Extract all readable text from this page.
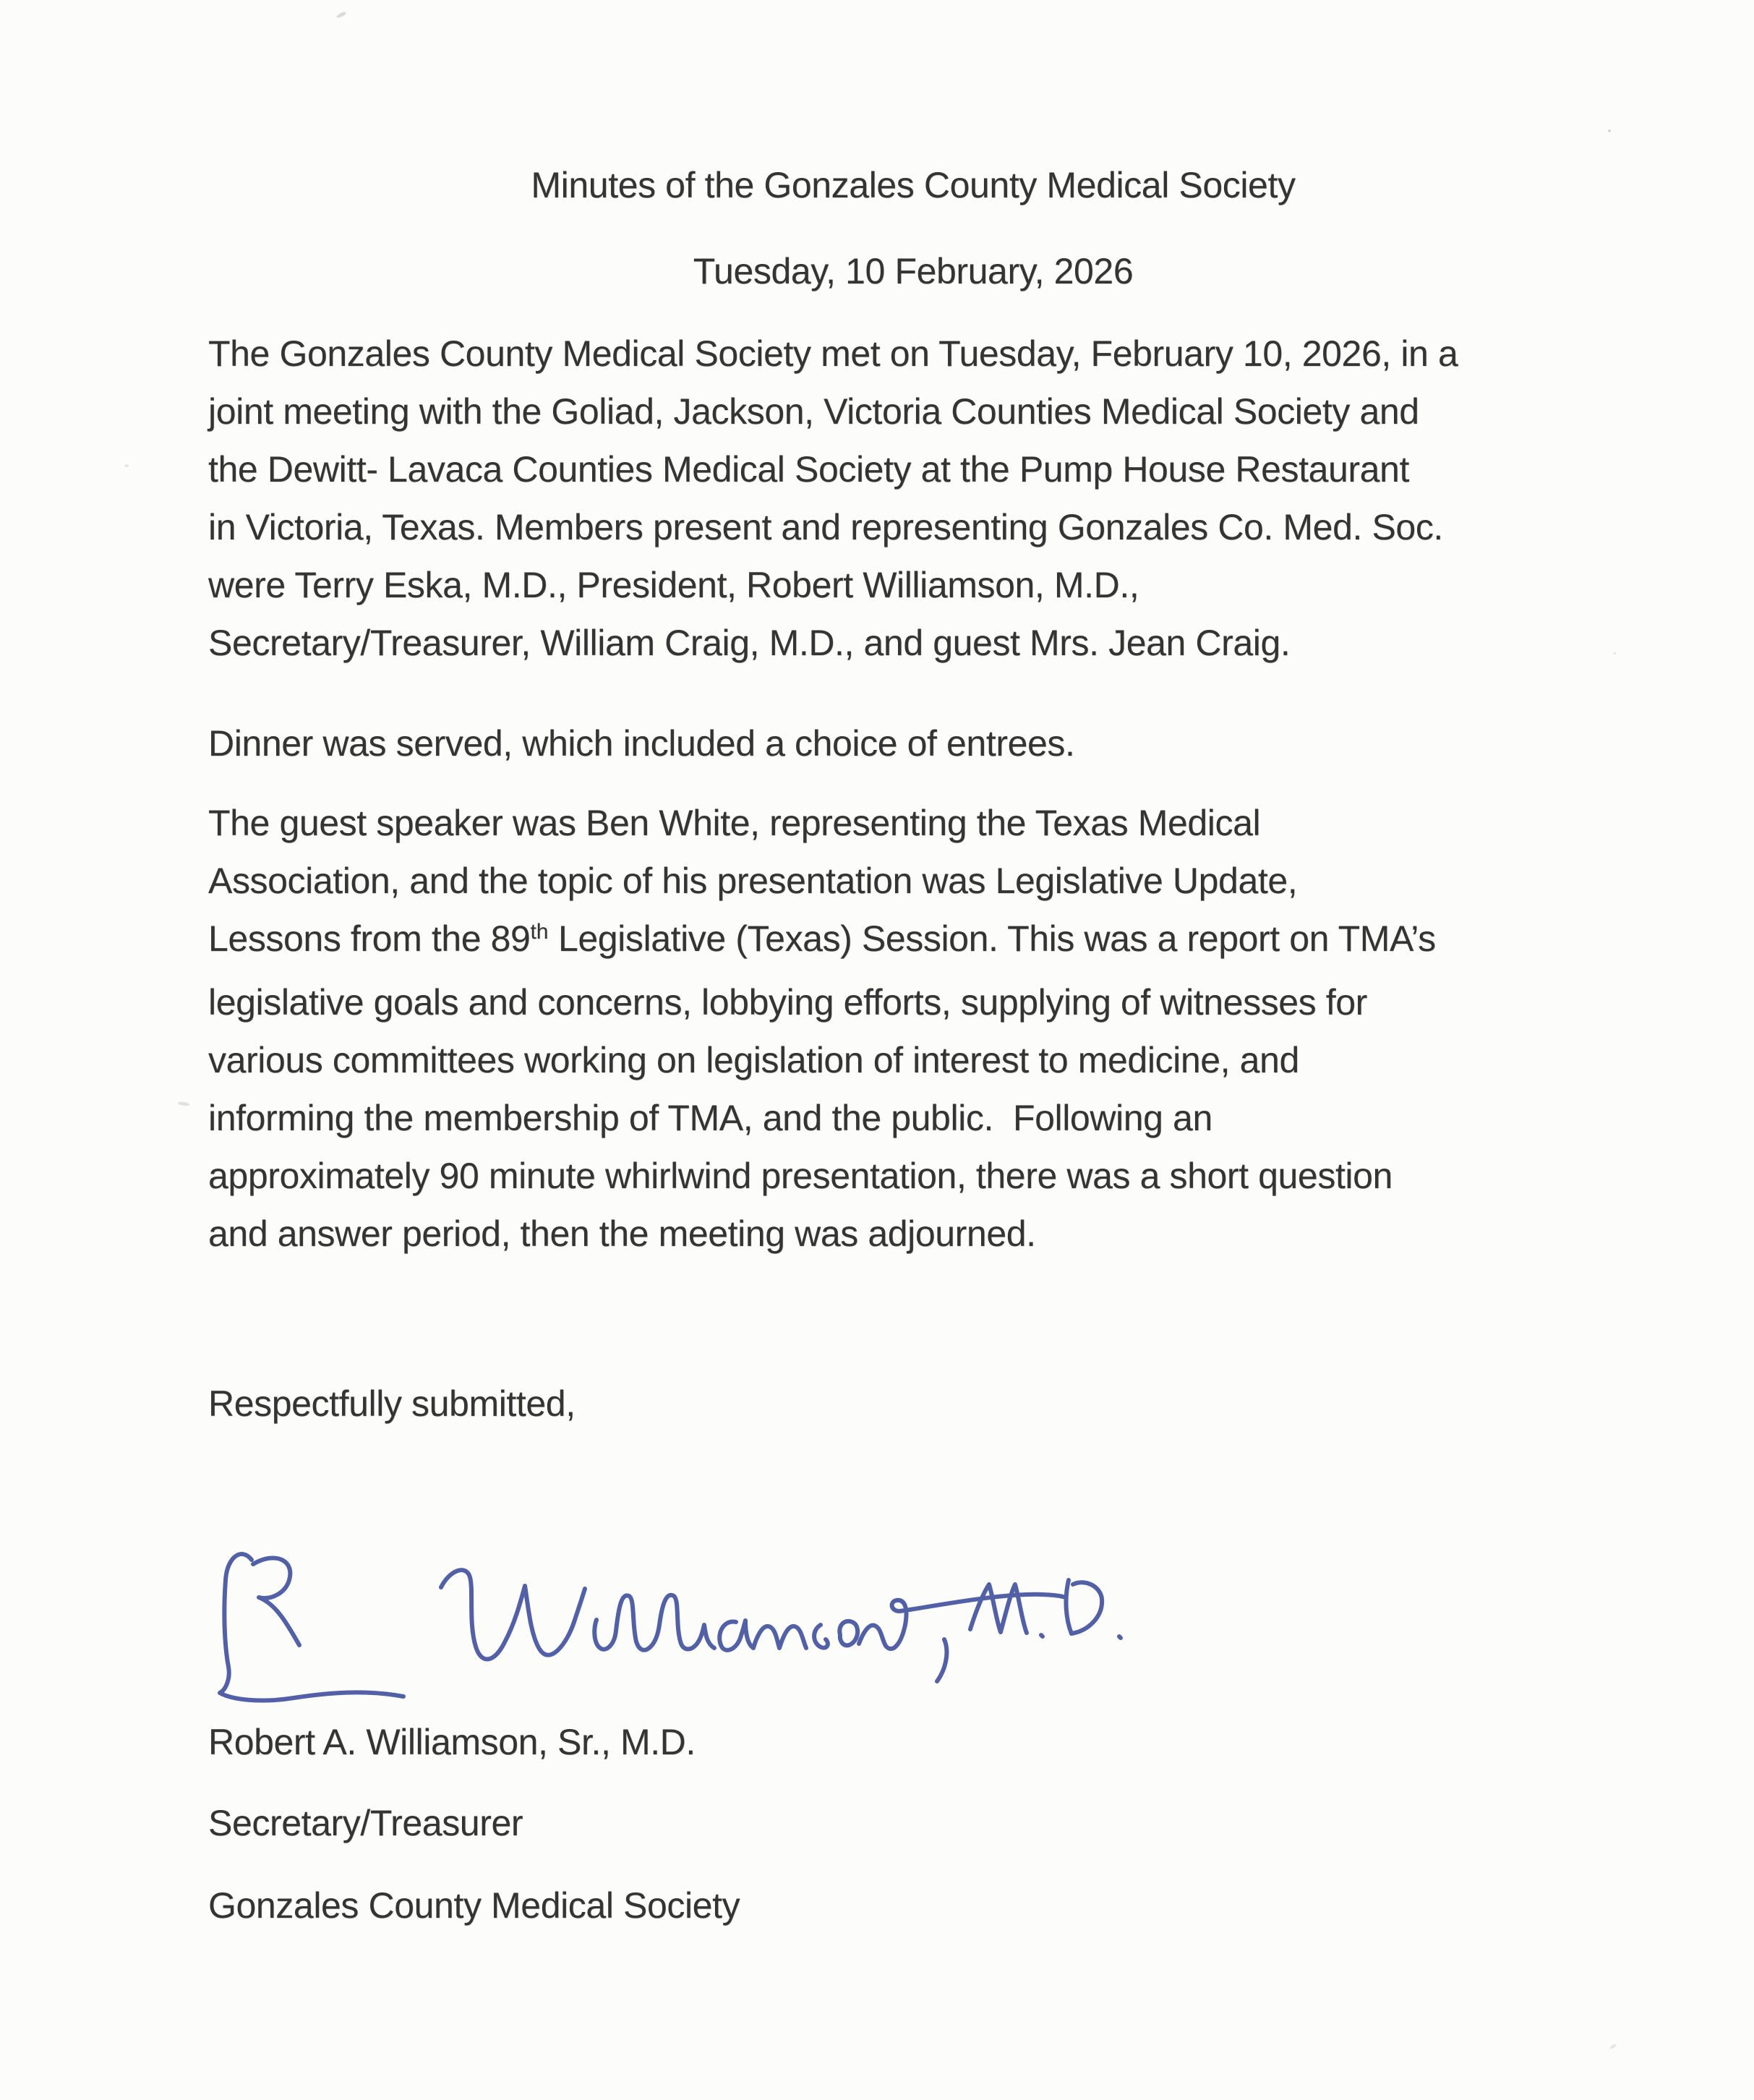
Minutes of the Gonzales County Medical Society
Tuesday, 10 February, 2026
The Gonzales County Medical Society met on Tuesday, February 10, 2026, in a
joint meeting with the Goliad, Jackson, Victoria Counties Medical Society and
the Dewitt- Lavaca Counties Medical Society at the Pump House Restaurant
in Victoria, Texas. Members present and representing Gonzales Co. Med. Soc.
were Terry Eska, M.D., President, Robert Williamson, M.D.,
Secretary/Treasurer, William Craig, M.D., and guest Mrs. Jean Craig.
Dinner was served, which included a choice of entrees.
The guest speaker was Ben White, representing the Texas Medical
Association, and the topic of his presentation was Legislative Update,
Lessons from the 89th Legislative (Texas) Session. This was a report on TMA’s
legislative goals and concerns, lobbying efforts, supplying of witnesses for
various committees working on legislation of interest to medicine, and
informing the membership of TMA, and the public.  Following an
approximately 90 minute whirlwind presentation, there was a short question
and answer period, then the meeting was adjourned.
Respectfully submitted,
Robert A. Williamson, Sr., M.D.
Secretary/Treasurer
Gonzales County Medical Society
